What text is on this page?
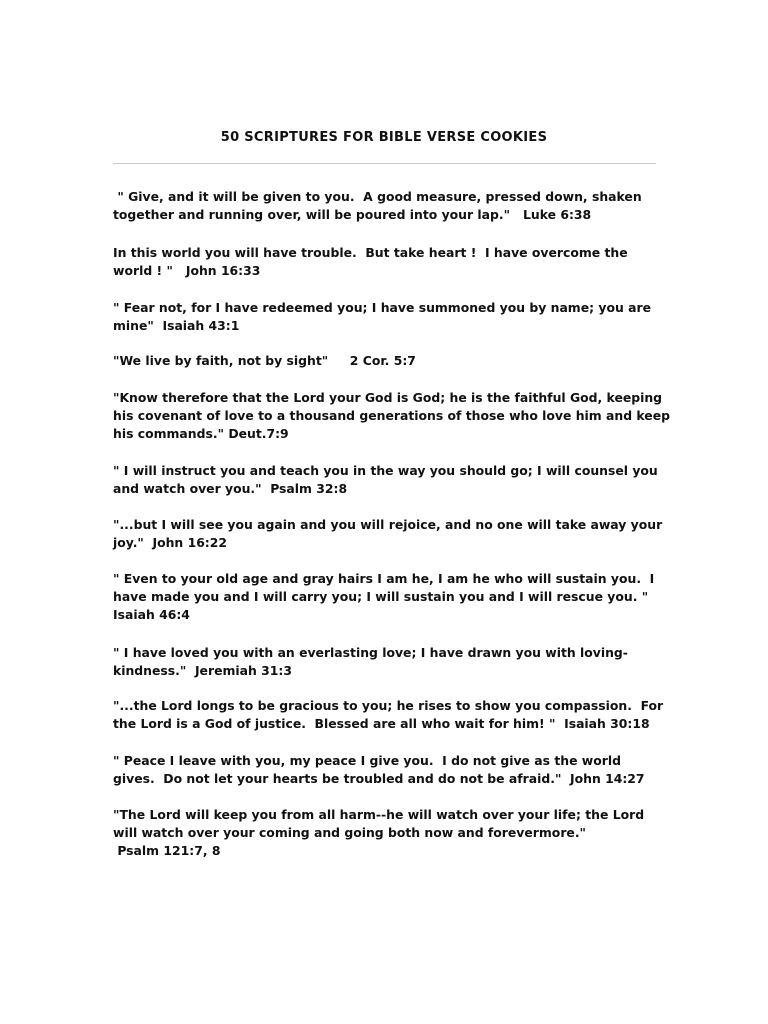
50 SCRIPTURES FOR BIBLE VERSE COOKIES
" Give, and it will be given to you.  A good measure, pressed down, shaken
together and running over, will be poured into your lap."   Luke 6:38
In this world you will have trouble.  But take heart !  I have overcome the
world ! "   John 16:33
" Fear not, for I have redeemed you; I have summoned you by name; you are
mine"  Isaiah 43:1
"We live by faith, not by sight"     2 Cor. 5:7
"Know therefore that the Lord your God is God; he is the faithful God, keeping
his covenant of love to a thousand generations of those who love him and keep
his commands." Deut.7:9
" I will instruct you and teach you in the way you should go; I will counsel you
and watch over you."  Psalm 32:8
"...but I will see you again and you will rejoice, and no one will take away your
joy."  John 16:22
" Even to your old age and gray hairs I am he, I am he who will sustain you.  I
have made you and I will carry you; I will sustain you and I will rescue you. "
Isaiah 46:4
" I have loved you with an everlasting love; I have drawn you with loving-
kindness."  Jeremiah 31:3
"...the Lord longs to be gracious to you; he rises to show you compassion.  For
the Lord is a God of justice.  Blessed are all who wait for him! "  Isaiah 30:18
" Peace I leave with you, my peace I give you.  I do not give as the world
gives.  Do not let your hearts be troubled and do not be afraid."  John 14:27
"The Lord will keep you from all harm--he will watch over your life; the Lord
will watch over your coming and going both now and forevermore."
Psalm 121:7, 8
